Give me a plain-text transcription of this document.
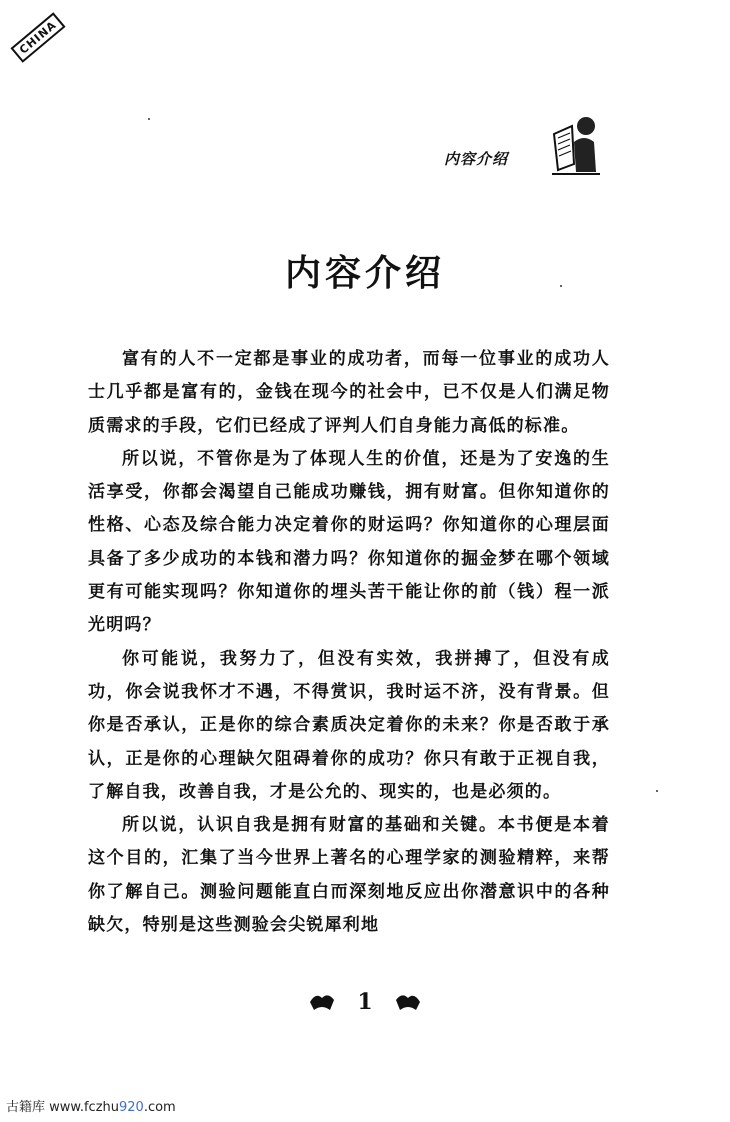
CHINA
内容介绍
内容介绍

富有的人不一定都是事业的成功者，而每一位事业的成功人士几乎都是富有的，金钱在现今的社会中，已不仅是人们满足物质需求的手段，它们已经成了评判人们自身能力高低的标准。

所以说，不管你是为了体现人生的价值，还是为了安逸的生活享受，你都会渴望自己能成功赚钱，拥有财富。但你知道你的性格、心态及综合能力决定着你的财运吗？你知道你的心理层面具备了多少成功的本钱和潜力吗？你知道你的掘金梦在哪个领域更有可能实现吗？你知道你的埋头苦干能让你的前（钱）程一派光明吗？

你可能说，我努力了，但没有实效，我拼搏了，但没有成功，你会说我怀才不遇，不得赏识，我时运不济，没有背景。但你是否承认，正是你的综合素质决定着你的未来？你是否敢于承认，正是你的心理缺欠阻碍着你的成功？你只有敢于正视自我，了解自我，改善自我，才是公允的、现实的，也是必须的。

所以说，认识自我是拥有财富的基础和关键。本书便是本着这个目的，汇集了当今世界上著名的心理学家的测验精粹，来帮你了解自己。测验问题能直白而深刻地反应出你潜意识中的各种缺欠，特别是这些测验会尖锐犀利地

1
古籍库 www.fczhu920.com
